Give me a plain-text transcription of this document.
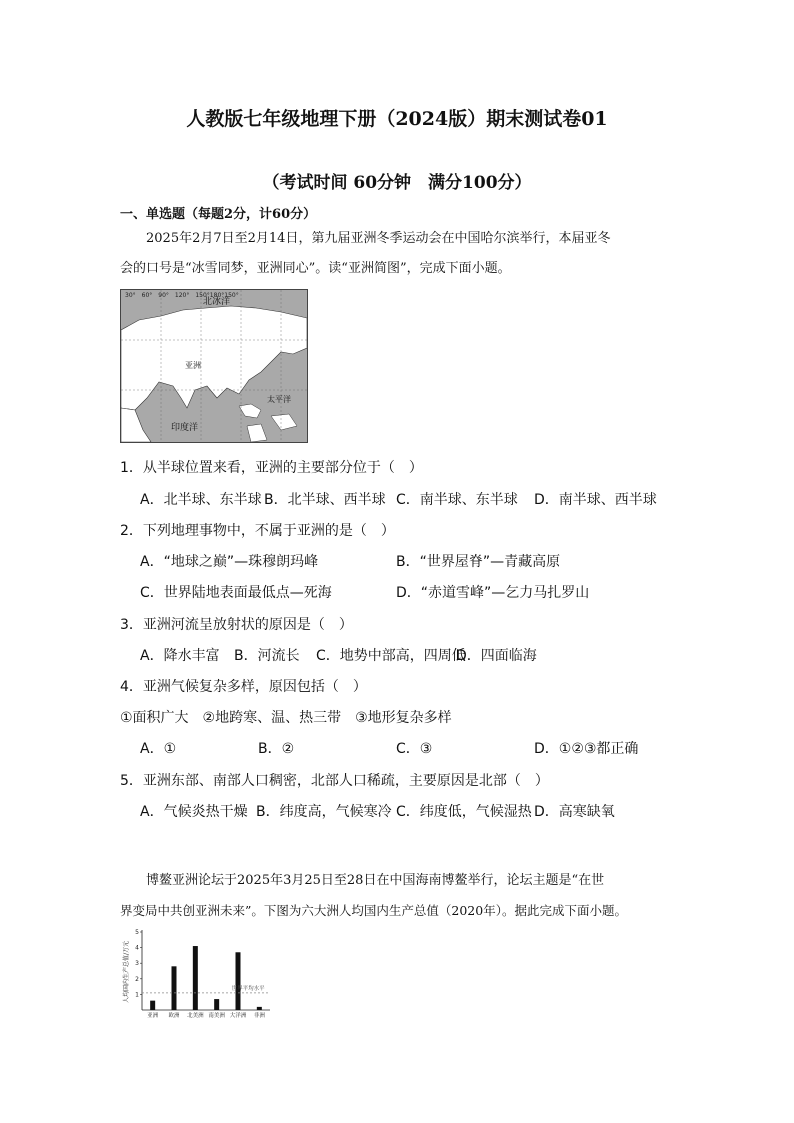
人教版七年级地理下册（2024版）期末测试卷01
（考试时间 60分钟　满分100分）
一、单选题（每题2分，计60分）
2025年2月7日至2月14日，第九届亚洲冬季运动会在中国哈尔滨举行，本届亚冬
会的口号是“冰雪同梦，亚洲同心”。读“亚洲简图”，完成下面小题。
30°　60°　90°　120°　150°180°150°
北冰洋
亚洲
太平洋
印度洋
1．从半球位置来看，亚洲的主要部分位于（　）
A．北半球、东半球 B．北半球、西半球 C．南半球、东半球 D．南半球、西半球
2．下列地理事物中，不属于亚洲的是（　）
A．“地球之巅”—珠穆朗玛峰	B．“世界屋脊”—青藏高原
C．世界陆地表面最低点—死海	D．“赤道雪峰”—乞力马扎罗山
3．亚洲河流呈放射状的原因是（　）
A．降水丰富 B．河流长 C．地势中部高，四周低
D．四面临海
4．亚洲气候复杂多样，原因包括（　）
①面积广大　②地跨寒、温、热三带　③地形复杂多样
A．①	B．②	C．③	D．①②③都正确
5．亚洲东部、南部人口稠密，北部人口稀疏，主要原因是北部（　）
A．气候炎热干燥 B．纬度高，气候寒冷 C．纬度低，气候湿热 D．高寒缺氧
博鳌亚洲论坛于2025年3月25日至28日在中国海南博鳌举行，论坛主题是“在世
界变局中共创亚洲未来”。下图为六大洲人均国内生产总值（2020年）。据此完成下面小题。
人均国内生产总值/万元 1
2
3
4
5
亚洲 欧洲 北美洲 南美洲 大洋洲 非洲
世界平均水平
